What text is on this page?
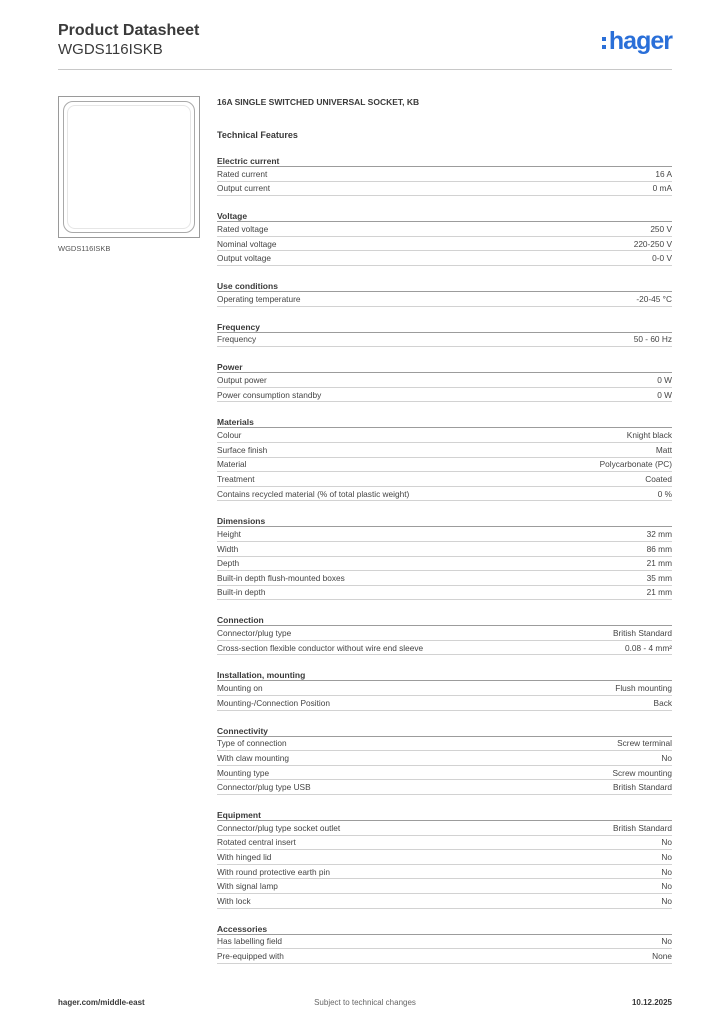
Product Datasheet
WGDS116ISKB	hager
WGDS116ISKB
16A SINGLE SWITCHED UNIVERSAL SOCKET, KB
Technical Features
Electric current
Rated current	16 A
Output current	0 mA
Voltage
Rated voltage	250 V
Nominal voltage	220-250 V
Output voltage	0-0 V
Use conditions
Operating temperature	-20-45 °C
Frequency
Frequency	50 - 60 Hz
Power
Output power	0 W
Power consumption standby	0 W
Materials
Colour	Knight black
Surface finish	Matt
Material	Polycarbonate (PC)
Treatment	Coated
Contains recycled material (% of total plastic weight)	0 %
Dimensions
Height	32 mm
Width	86 mm
Depth	21 mm
Built-in depth flush-mounted boxes	35 mm
Built-in depth	21 mm
Connection
Connector/plug type	British Standard
Cross-section flexible conductor without wire end sleeve	0.08 - 4 mm²
Installation, mounting
Mounting on	Flush mounting
Mounting-/Connection Position	Back
Connectivity
Type of connection	Screw terminal
With claw mounting	No
Mounting type	Screw mounting
Connector/plug type USB	British Standard
Equipment
Connector/plug type socket outlet	British Standard
Rotated central insert	No
With hinged lid	No
With round protective earth pin	No
With signal lamp	No
With lock	No
Accessories
Has labelling field	No
Pre-equipped with	None
hager.com/middle-east	Subject to technical changes	10.12.2025
